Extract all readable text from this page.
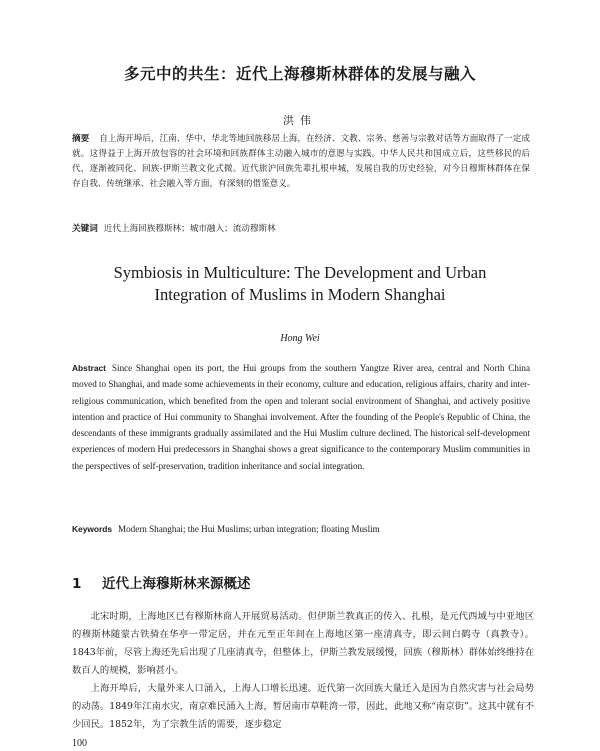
多元中的共生：近代上海穆斯林群体的发展与融入
洪伟
摘要 自上海开埠后，江南、华中、华北等地回族移居上海，在经济、文教、宗务、慈善与宗教对话等方面取得了一定成就。这得益于上海开放包容的社会环境和回族群体主动融入城市的意愿与实践。中华人民共和国成立后，这些移民的后代，逐渐被同化、回族-伊斯兰教文化式微。近代旅沪回族先辈扎根申城，发展自我的历史经验，对今日穆斯林群体在保存自我、传统继承、社会融入等方面，有深刻的借鉴意义。
关键词 近代上海回族穆斯林；城市融入；流动穆斯林
Symbiosis in Multiculture: The Development and Urban
Integration of Muslims in Modern Shanghai
Hong Wei
Abstract Since Shanghai open its port, the Hui groups from the southern Yangtze River area, central and North China moved to Shanghai, and made some achievements in their economy, culture and education, religious affairs, charity and inter-religious communication, which benefited from the open and tolerant social environment of Shanghai, and actively positive intention and practice of Hui community to Shanghai involvement. After the founding of the People's Republic of China, the descendants of these immigrants gradually assimilated and the Hui Muslim culture declined. The historical self-development experiences of modern Hui predecessors in Shanghai shows a great significance to the contemporary Muslim communities in the perspectives of self-preservation, tradition inheritance and social integration.
Keywords Modern Shanghai; the Hui Muslims; urban integration; floating Muslim
1 近代上海穆斯林来源概述

北宋时期，上海地区已有穆斯林商人开展贸易活动。但伊斯兰教真正的传入、扎根，是元代西域与中亚地区的穆斯林随蒙古铁骑在华亭一带定居，并在元至正年间在上海地区第一座清真寺，即云间白鹤寺（真教寺）。1843年前，尽管上海还先后出现了几座清真寺，但整体上，伊斯兰教发展缓慢，回族（穆斯林）群体始终维持在数百人的规模，影响甚小。

上海开埠后，大量外来人口涌入，上海人口增长迅速。近代第一次回族大量迁入是因为自然灾害与社会局势的动荡。1849年江南水灾，南京难民涌入上海，暂居南市草鞋湾一带，因此，此地又称“南京街”。这其中就有不少回民。1852年，为了宗教生活的需要，逐步稳定

100
